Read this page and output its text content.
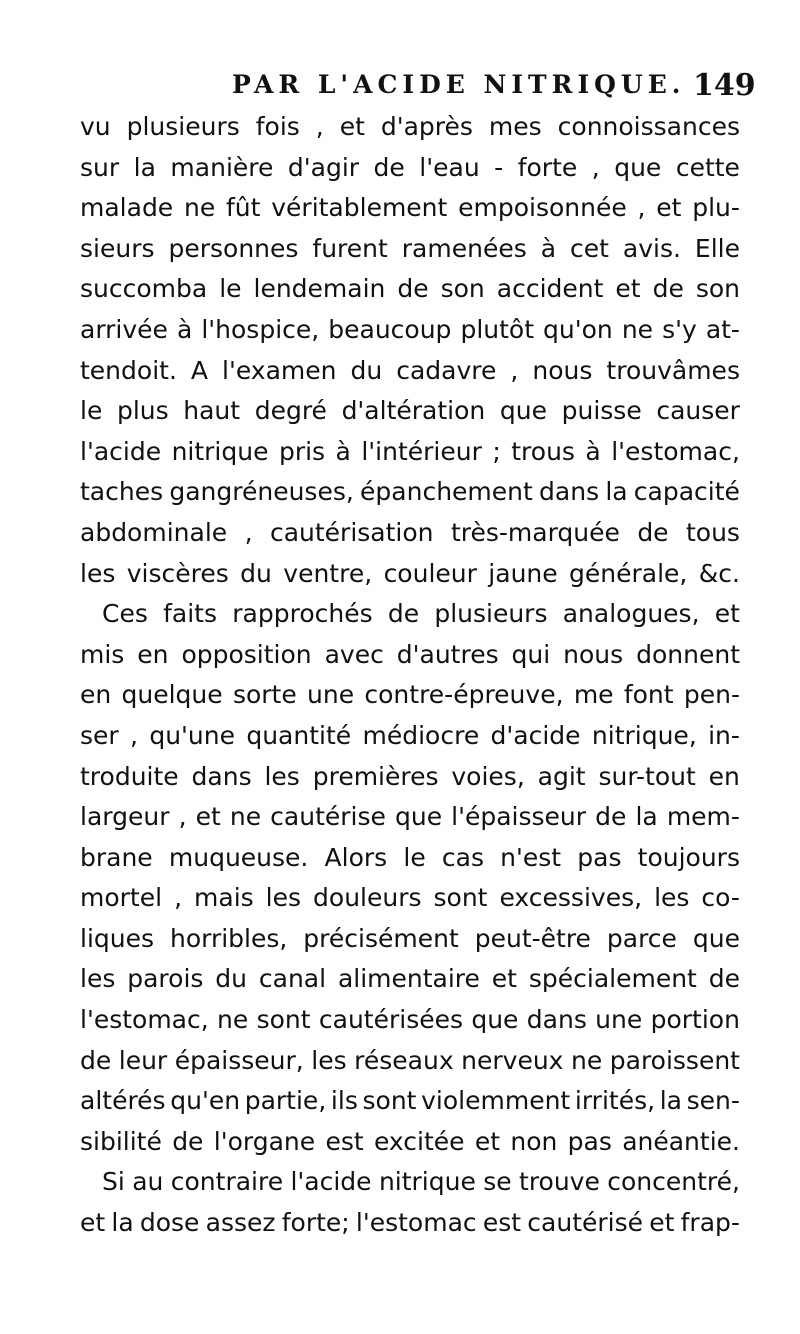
PAR L'ACIDE NITRIQUE. 149
vu plusieurs fois , et d'après mes connoissances
sur la manière d'agir de l'eau - forte , que cette
malade ne fût véritablement empoisonnée , et plu-
sieurs personnes furent ramenées à cet avis. Elle
succomba le lendemain de son accident et de son
arrivée à l'hospice, beaucoup plutôt qu'on ne s'y at-
tendoit. A l'examen du cadavre , nous trouvâmes
le plus haut degré d'altération que puisse causer
l'acide nitrique pris à l'intérieur ; trous à l'estomac,
taches gangréneuses, épanchement dans la capacité
abdominale , cautérisation très-marquée de tous
les viscères du ventre, couleur jaune générale, &c.
Ces faits rapprochés de plusieurs analogues, et
mis en opposition avec d'autres qui nous donnent
en quelque sorte une contre-épreuve, me font pen-
ser , qu'une quantité médiocre d'acide nitrique, in-
troduite dans les premières voies, agit sur-tout en
largeur , et ne cautérise que l'épaisseur de la mem-
brane muqueuse. Alors le cas n'est pas toujours
mortel , mais les douleurs sont excessives, les co-
liques horribles, précisément peut-être parce que
les parois du canal alimentaire et spécialement de
l'estomac, ne sont cautérisées que dans une portion
de leur épaisseur, les réseaux nerveux ne paroissent
altérés qu'en partie, ils sont violemment irrités, la sen-
sibilité de l'organe est excitée et non pas anéantie.
Si au contraire l'acide nitrique se trouve concentré,
et la dose assez forte; l'estomac est cautérisé et frap-
